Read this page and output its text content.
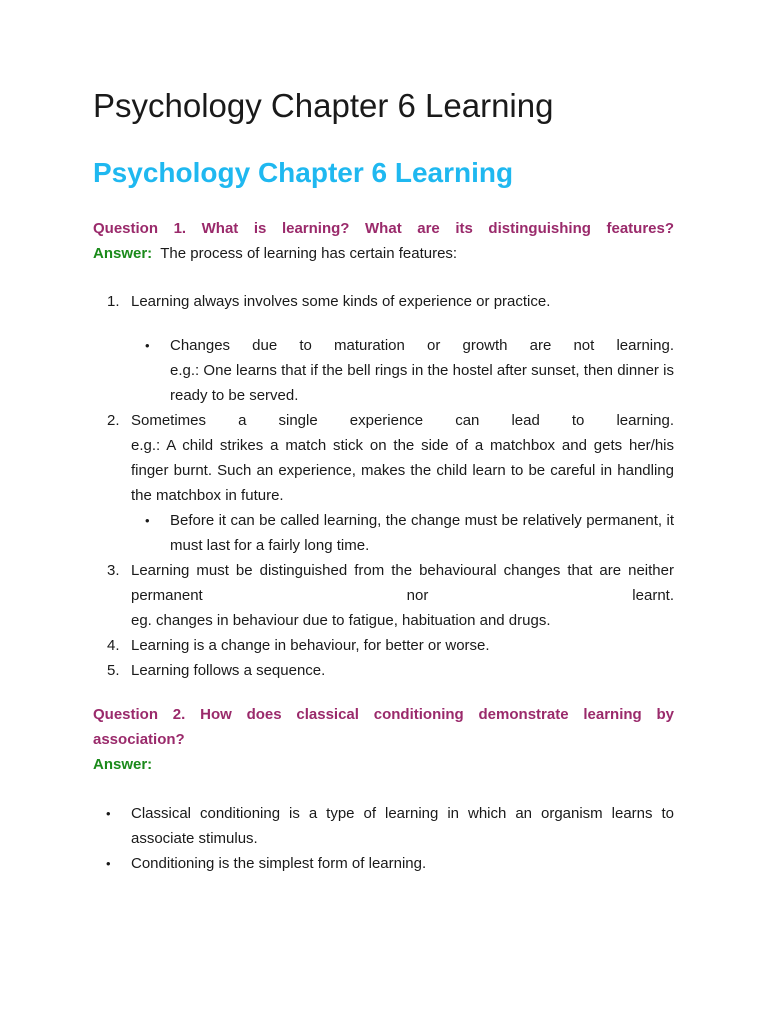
Psychology Chapter 6 Learning
Psychology Chapter 6 Learning
Question 1. What is learning? What are its distinguishing features?
Answer: The process of learning has certain features:
1. Learning always involves some kinds of experience or practice.
• Changes due to maturation or growth are not learning.
e.g.: One learns that if the bell rings in the hostel after sunset, then dinner is ready to be served.
2. Sometimes a single experience can lead to learning.
e.g.: A child strikes a match stick on the side of a matchbox and gets her/his finger burnt. Such an experience, makes the child learn to be careful in handling the matchbox in future.
• Before it can be called learning, the change must be relatively permanent, it must last for a fairly long time.
3. Learning must be distinguished from the behavioural changes that are neither
permanent nor learnt.
eg. changes in behaviour due to fatigue, habituation and drugs.
4. Learning is a change in behaviour, for better or worse.
5. Learning follows a sequence.
Question 2. How does classical conditioning demonstrate learning by association?
Answer:
• Classical conditioning is a type of learning in which an organism learns to associate stimulus.
• Conditioning is the simplest form of learning.
